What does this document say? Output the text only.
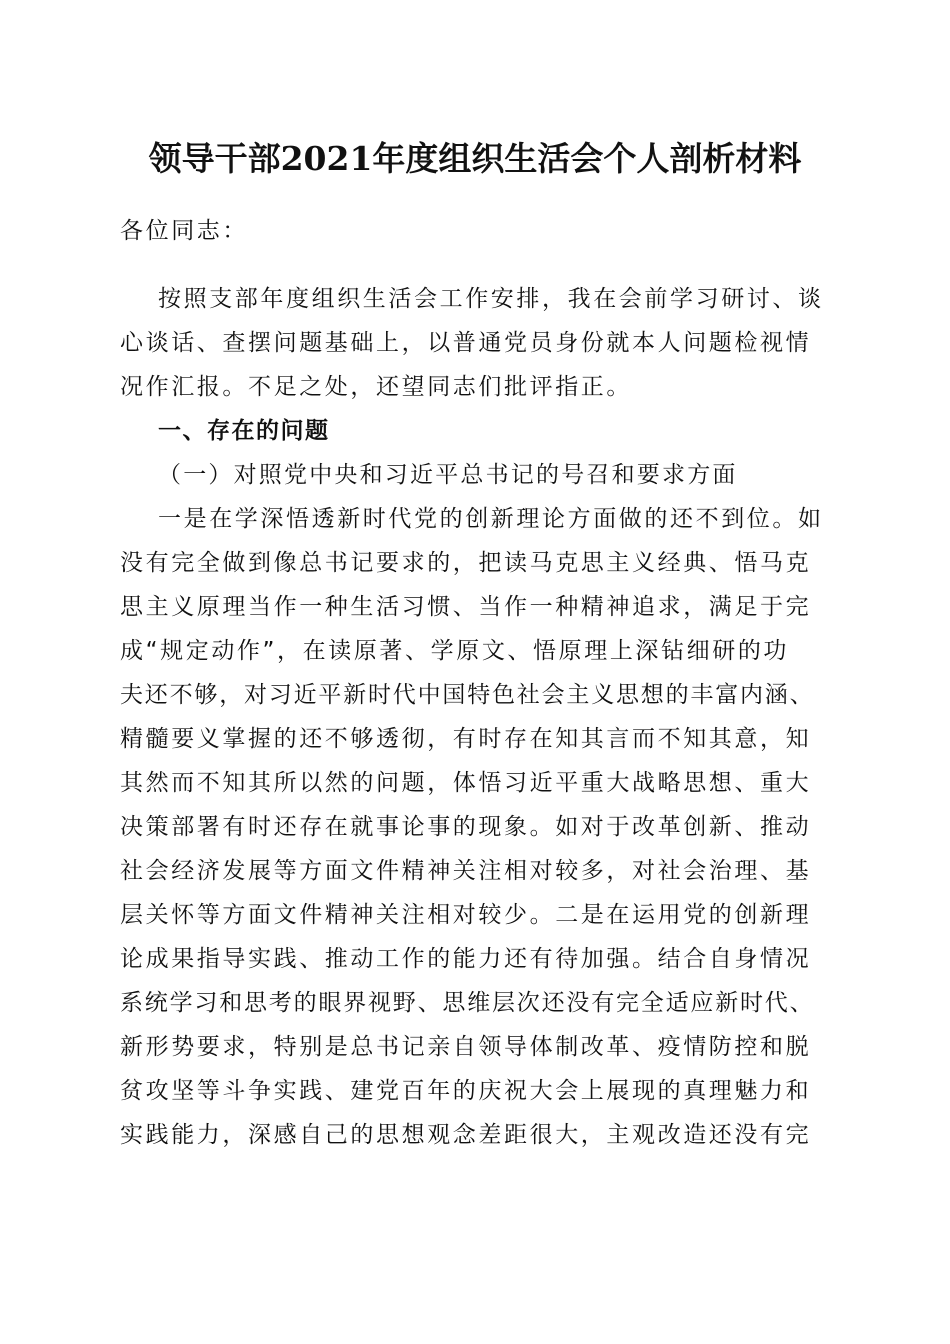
领导干部2021年度组织生活会个人剖析材料
各位同志：
按照支部年度组织生活会工作安排，我在会前学习研讨、谈
心谈话、查摆问题基础上，以普通党员身份就本人问题检视情
况作汇报。不足之处，还望同志们批评指正。
一、存在的问题
（一）对照党中央和习近平总书记的号召和要求方面
一是在学深悟透新时代党的创新理论方面做的还不到位。如
没有完全做到像总书记要求的，把读马克思主义经典、悟马克
思主义原理当作一种生活习惯、当作一种精神追求，满足于完
成“规定动作”，在读原著、学原文、悟原理上深钻细研的功
夫还不够，对习近平新时代中国特色社会主义思想的丰富内涵、
精髓要义掌握的还不够透彻，有时存在知其言而不知其意，知
其然而不知其所以然的问题，体悟习近平重大战略思想、重大
决策部署有时还存在就事论事的现象。如对于改革创新、推动
社会经济发展等方面文件精神关注相对较多，对社会治理、基
层关怀等方面文件精神关注相对较少。二是在运用党的创新理
论成果指导实践、推动工作的能力还有待加强。结合自身情况
系统学习和思考的眼界视野、思维层次还没有完全适应新时代、
新形势要求，特别是总书记亲自领导体制改革、疫情防控和脱
贫攻坚等斗争实践、建党百年的庆祝大会上展现的真理魅力和
实践能力，深感自己的思想观念差距很大，主观改造还没有完
